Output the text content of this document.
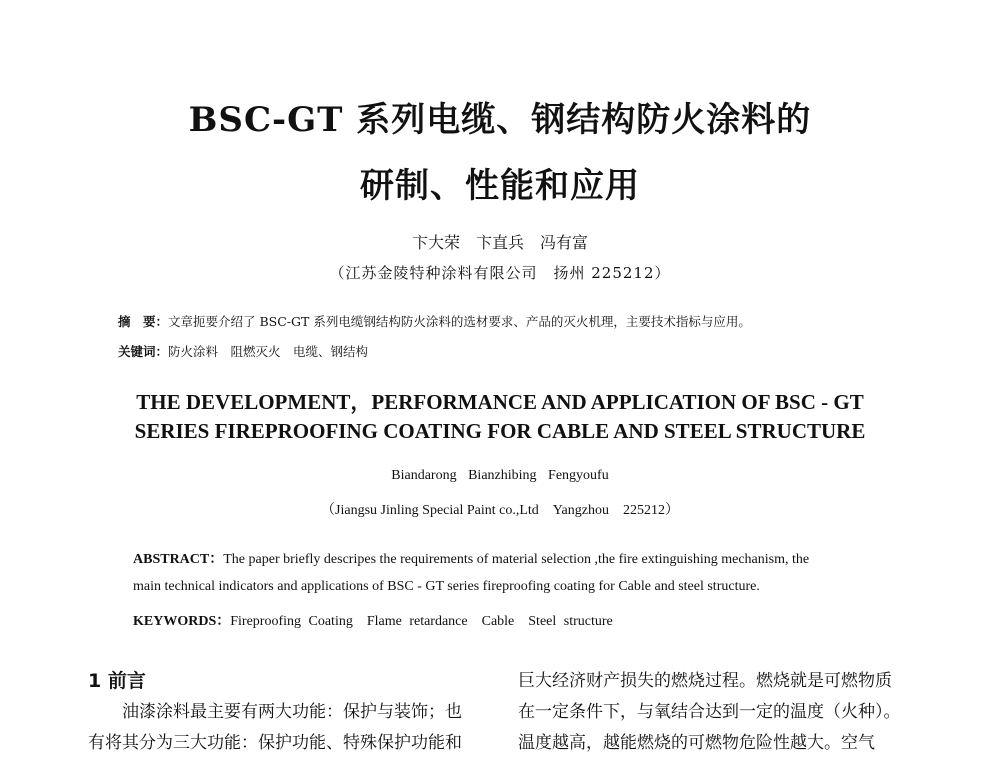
BSC-GT 系列电缆、钢结构防火涂料的
研制、性能和应用
卞大荣　卞直兵　冯有富
（江苏金陵特种涂料有限公司　扬州 225212）
摘　要：文章扼要介绍了 BSC-GT 系列电缆钢结构防火涂料的选材要求、产品的灭火机理，主要技术指标与应用。
关键词：防火涂料　阻燃灭火　电缆、钢结构
THE DEVELOPMENT，PERFORMANCE AND APPLICATION OF BSC - GT
SERIES FIREPROOFING COATING FOR CABLE AND STEEL STRUCTURE
Biandarong Bianzhibing Fengyoufu
（Jiangsu Jinling Special Paint co.,Ltd　Yangzhou　225212）
ABSTRACT：The paper briefly descripes the requirements of material selection ,the fire extinguishing mechanism, the
main technical indicators and applications of BSC - GT series fireproofing coating for Cable and steel structure.
KEYWORDS：Fireproofing Coating　Flame retardance　Cable　Steel structure
1 前言
油漆涂料最主要有两大功能：保护与装饰；也
有将其分为三大功能：保护功能、特殊保护功能和
巨大经济财产损失的燃烧过程。燃烧就是可燃物质
在一定条件下，与氧结合达到一定的温度（火种）。
温度越高，越能燃烧的可燃物危险性越大。空气
